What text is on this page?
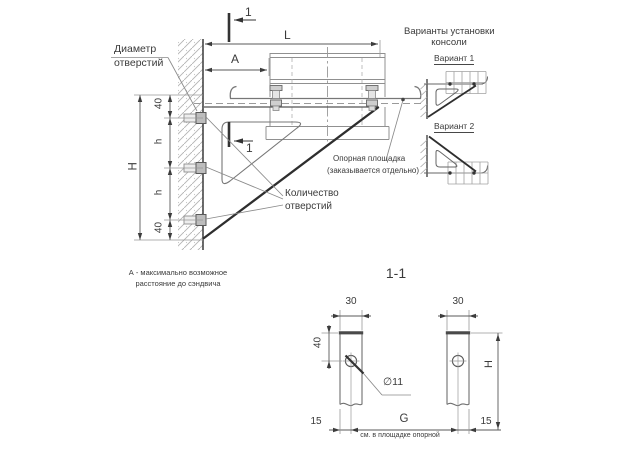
Диаметр
отверстий
1
1
L
A
40
h
H
h
40
Количество
отверстий
Опорная площадка
(заказывается отдельно)
Варианты установки
консоли
Вариант 1
Вариант 2
А - максимально возможное
расстояние до сэндвича
1-1
30	30
40
H
∅11
15	G	15
см. в площадке опорной
